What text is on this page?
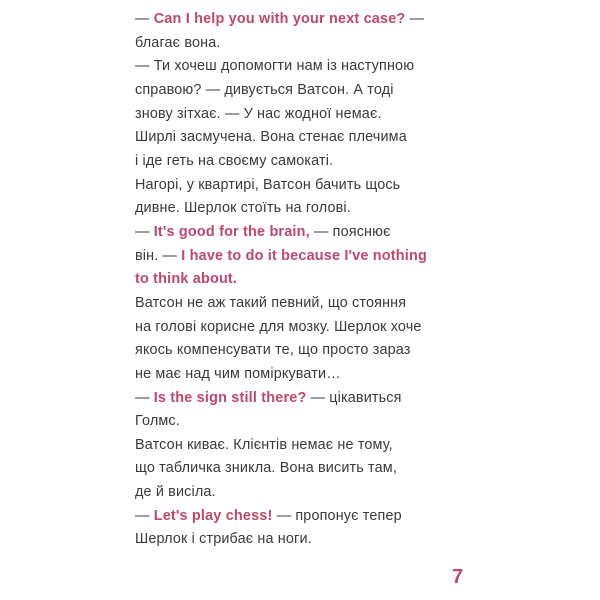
— Can I help you with your next case? —
благає вона.
— Ти хочеш допомогти нам із наступною
справою? — дивується Ватсон. А тоді
знову зітхає. — У нас жодної немає.
Ширлі засмучена. Вона стенає плечима
і іде геть на своєму самокаті.
Нагорі, у квартирі, Ватсон бачить щось
дивне. Шерлок стоїть на голові.
— It's good for the brain, — пояснює
він. — I have to do it because I've nothing
to think about.
Ватсон не аж такий певний, що стояння
на голові корисне для мозку. Шерлок хоче
якось компенсувати те, що просто зараз
не має над чим поміркувати…
— Is the sign still there? — цікавиться
Голмс.
Ватсон киває. Клієнтів немає не тому,
що табличка зникла. Вона висить там,
де й висіла.
— Let's play chess! — пропонує тепер
Шерлок і стрибає на ноги.
7
